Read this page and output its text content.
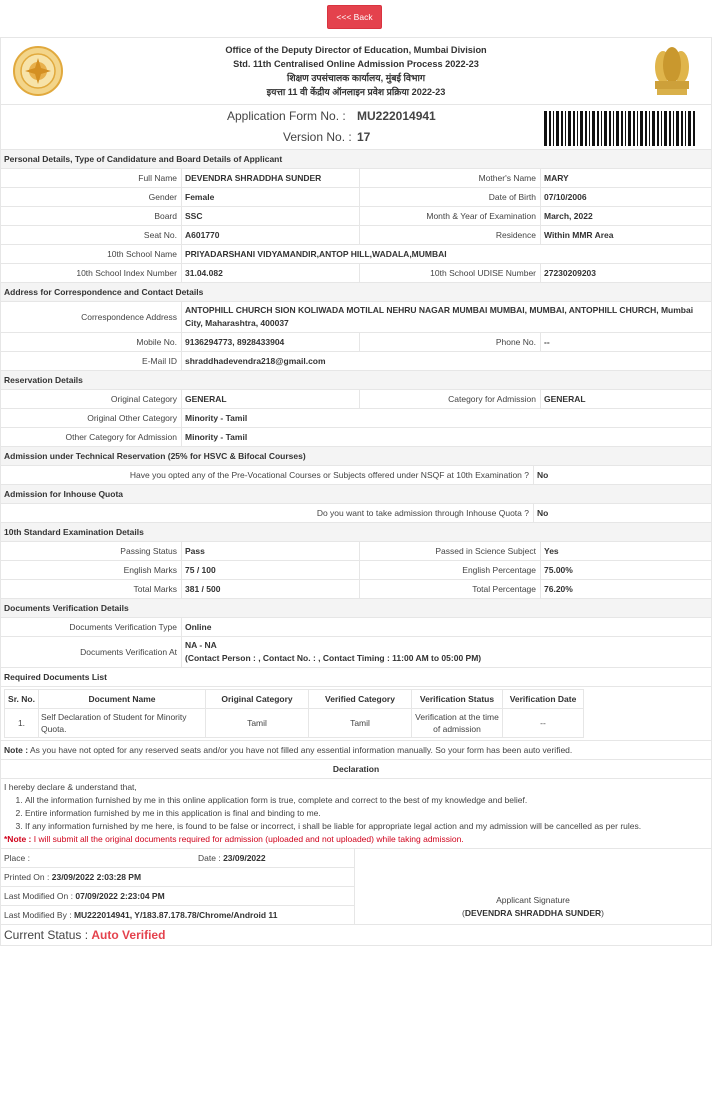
<<< Back
Office of the Deputy Director of Education, Mumbai Division
Std. 11th Centralised Online Admission Process 2022-23
शिक्षण उपसंचालक कार्यालय, मुंबई विभाग
इयत्ता 11 वी केंद्रीय ऑनलाइन प्रवेश प्रक्रिया 2022-23
Application Form No. : MU222014941
Version No. : 17
Personal Details, Type of Candidature and Board Details of Applicant
Full Name DEVENDRA SHRADDHA SUNDER	Mother's Name MARY
Gender Female	Date of Birth 07/10/2006
Board SSC	Month & Year of Examination March, 2022
Seat No. A601770	Residence Within MMR Area
10th School Name PRIYADARSHANI VIDYAMANDIR,ANTOP HILL,WADALA,MUMBAI
10th School Index Number 31.04.082	10th School UDISE Number 27230209203
Address for Correspondence and Contact Details
Correspondence Address
ANTOPHILL CHURCH SION KOLIWADA MOTILAL NEHRU NAGAR MUMBAI MUMBAI, MUMBAI, ANTOPHILL CHURCH, Mumbai
City, Maharashtra, 400037
Mobile No. 9136294773, 8928433904	Phone No. --
E-Mail ID shraddhadevendra218@gmail.com
Reservation Details
Original Category GENERAL	Category for Admission GENERAL
Original Other Category Minority - Tamil
Other Category for Admission Minority - Tamil
Admission under Technical Reservation (25% for HSVC & Bifocal Courses)
Have you opted any of the Pre-Vocational Courses or Subjects offered under NSQF at 10th Examination ? No
Admission for Inhouse Quota
Do you want to take admission through Inhouse Quota ? No
10th Standard Examination Details
Passing Status Pass	Passed in Science Subject Yes
English Marks 75 / 100	English Percentage 75.00%
Total Marks 381 / 500	Total Percentage 76.20%
Documents Verification Details
Documents Verification Type Online
Documents Verification At
NA - NA
(Contact Person : , Contact No. : , Contact Timing : 11:00 AM to 05:00 PM)
Required Documents List
Sr. No.	Document Name	Original Category	Verified Category	Verification Status	Verification Date
1.	Self Declaration of Student for Minority Quota.	Tamil	Tamil	Verification at the time of admission	--
Note : As you have not opted for any reserved seats and/or you have not filled any essential information manually. So your form has been auto verified.
Declaration
I hereby declare & understand that,
1. All the information furnished by me in this online application form is true, complete and correct to the best of my knowledge and belief.
2. Entire information furnished by me in this application is final and binding to me.
3. If any information furnished by me here, is found to be false or incorrect, i shall be liable for appropriate legal action and my admission will be cancelled as per rules.
*Note : I will submit all the original documents required for admission (uploaded and not uploaded) while taking admission.
Place :	Date : 23/09/2022
Printed On :
23/09/2022 2:03:28 PM
Last Modified On :
07/09/2022 2:23:04 PM
Last Modified By :
MU222014941, Y/183.87.178.78/Chrome/Android 11
Applicant Signature
(DEVENDRA SHRADDHA SUNDER)
Current Status : Auto Verified
